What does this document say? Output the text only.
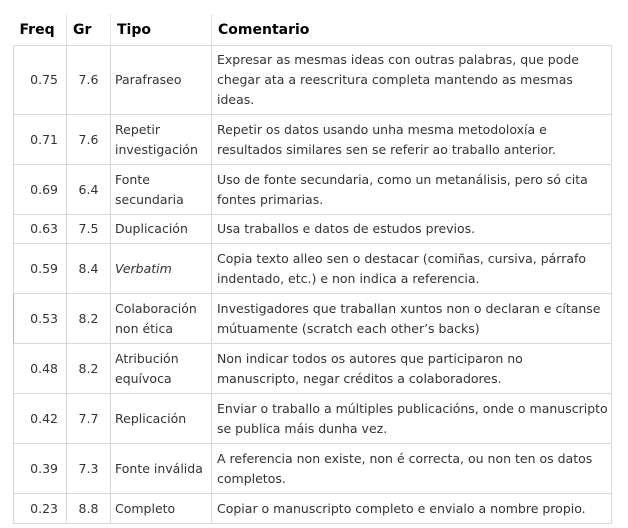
Freq	Gr	Tipo	Comentario
0.75	7.6	Parafraseo	Expresar as mesmas ideas con outras palabras, que pode chegar ata a reescritura completa mantendo as mesmas ideas.
0.71	7.6	Repetir investigación	Repetir os datos usando unha mesma metodoloxía e resultados similares sen se referir ao traballo anterior.
0.69	6.4	Fonte secundaria	Uso de fonte secundaria, como un metanálisis, pero só cita fontes primarias.
0.63	7.5	Duplicación	Usa traballos e datos de estudos previos.
0.59	8.4	Verbatim	Copia texto alleo sen o destacar (comiñas, cursiva, párrafo indentado, etc.) e non indica a referencia.
0.53	8.2	Colaboración non ética	Investigadores que traballan xuntos non o declaran e cítanse mútuamente (scratch each other’s backs)
0.48	8.2	Atribución equívoca	Non indicar todos os autores que participaron no manuscripto, negar créditos a colaboradores.
0.42	7.7	Replicación	Enviar o traballo a múltiples publicacións, onde o manuscripto se publica máis dunha vez.
0.39	7.3	Fonte inválida	A referencia non existe, non é correcta, ou non ten os datos completos.
0.23	8.8	Completo	Copiar o manuscripto completo e envialo a nombre propio.
